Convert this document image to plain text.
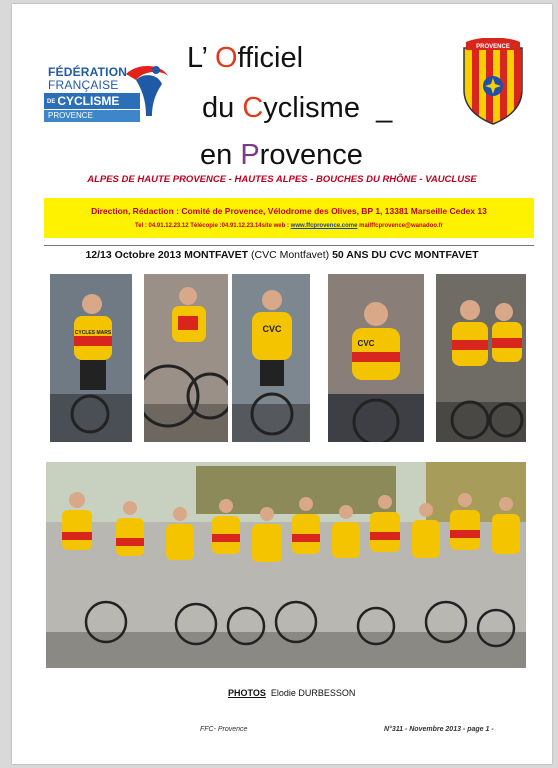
FÉDÉRATION
FRANÇAISE
DE CYCLISME
PROVENCE
L’ Officiel
du Cyclisme  _
en Provence
PROVENCE
ALPES DE HAUTE PROVENCE - HAUTES ALPES - BOUCHES DU RHÔNE - VAUCLUSE
Direction, Rédaction : Comité de Provence, Vélodrome des Olives, BP 1, 13381 Marseille Cedex 13
Tel : 04.91.12.23.12 Télécopie :04.91.12.23.14site web : www.ffcprovence.come mailffcprovence@wanadoo.fr
12/13 Octobre 2013 MONTFAVET (CVC Montfavet) 50 ANS DU CVC MONTFAVET
CYCLES MARS	CVC
CVC
PHOTOS Elodie DURBESSON
FFC- Provence	N°311 - Novembre 2013 - page 1 -
